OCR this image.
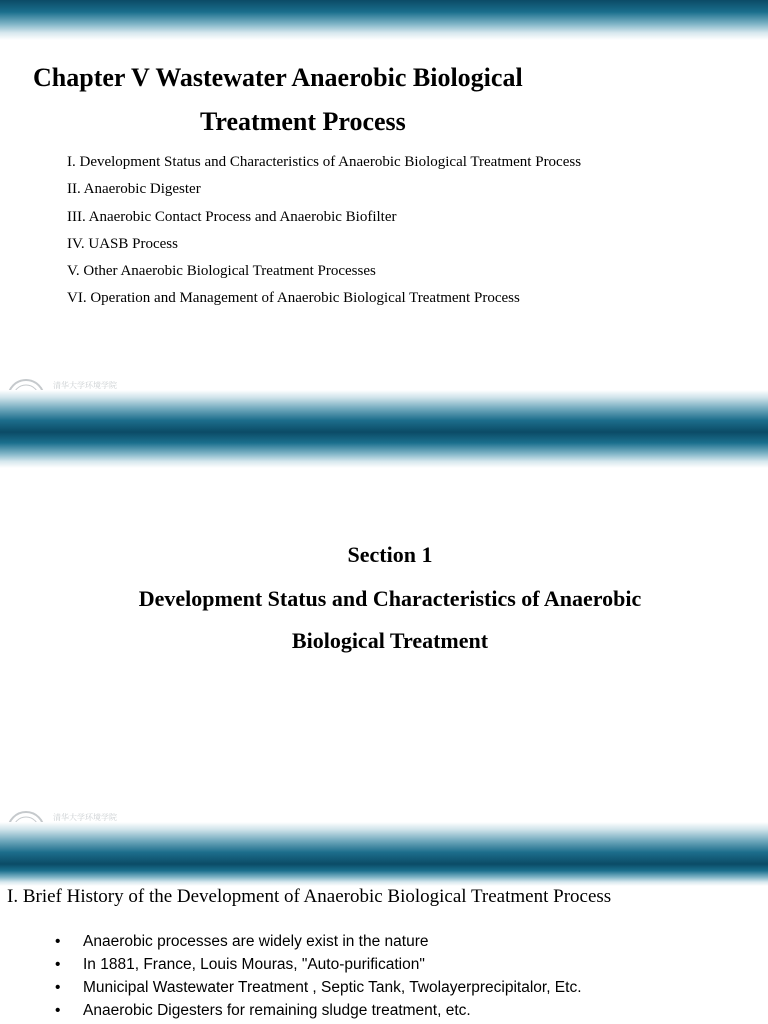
Chapter V Wastewater Anaerobic Biological
Treatment Process
I. Development Status and Characteristics of Anaerobic Biological Treatment Process
II. Anaerobic Digester
III. Anaerobic Contact Process and Anaerobic Biofilter
IV. UASB Process
V. Other Anaerobic Biological Treatment Processes
VI. Operation and Management of Anaerobic Biological Treatment Process
清华大学环境学院
Section 1
Development Status and Characteristics of Anaerobic
Biological Treatment
清华大学环境学院
I. Brief History of the Development of Anaerobic Biological Treatment Process
• Anaerobic processes are widely exist in the nature
• In 1881, France, Louis Mouras, "Auto-purification"
• Municipal Wastewater Treatment , Septic Tank, Twolayerprecipitalor, Etc.
• Anaerobic Digesters for remaining sludge treatment, etc.
